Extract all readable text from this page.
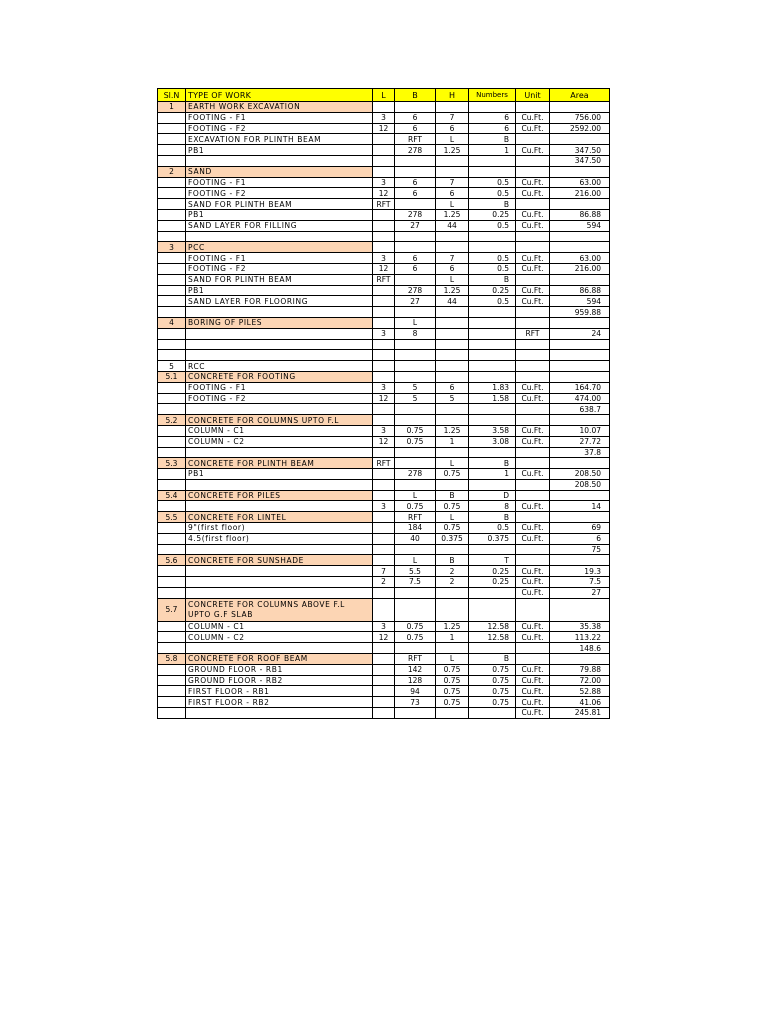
Sl.N	TYPE OF WORK	L	B	H	Numbers	Unit	Area
1	EARTH WORK EXCAVATION						
	FOOTING - F1	3	6	7	6	Cu.Ft.	756.00
	FOOTING - F2	12	6	6	6	Cu.Ft.	2592.00
	EXCAVATION FOR PLINTH BEAM		RFT	L	B		
	PB1		278	1.25	1	Cu.Ft.	347.50
							347.50
2	SAND						
	FOOTING - F1	3	6	7	0.5	Cu.Ft.	63.00
	FOOTING - F2	12	6	6	0.5	Cu.Ft.	216.00
	SAND FOR PLINTH BEAM	RFT		L	B		
	PB1		278	1.25	0.25	Cu.Ft.	86.88
	SAND LAYER FOR FILLING		27	44	0.5	Cu.Ft.	594

3	PCC						
	FOOTING - F1	3	6	7	0.5	Cu.Ft.	63.00
	FOOTING - F2	12	6	6	0.5	Cu.Ft.	216.00
	SAND FOR PLINTH BEAM	RFT		L	B		
	PB1		278	1.25	0.25	Cu.Ft.	86.88
	SAND LAYER FOR FLOORING		27	44	0.5	Cu.Ft.	594
							959.88
4	BORING OF PILES		L				
		3	8			RFT	24

5	RCC						
5.1	CONCRETE FOR FOOTING						
	FOOTING - F1	3	5	6	1.83	Cu.Ft.	164.70
	FOOTING - F2	12	5	5	1.58	Cu.Ft.	474.00
							638.7
5.2	CONCRETE FOR COLUMNS UPTO F.L						
	COLUMN - C1	3	0.75	1.25	3.58	Cu.Ft.	10.07
	COLUMN - C2	12	0.75	1	3.08	Cu.Ft.	27.72
							37.8
5.3	CONCRETE FOR PLINTH BEAM	RFT		L	B		
	PB1		278	0.75	1	Cu.Ft.	208.50
							208.50
5.4	CONCRETE FOR PILES		L	B	D		
		3	0.75	0.75	8	Cu.Ft.	14
5.5	CONCRETE FOR LINTEL		RFT	L	B		
	9"(first floor)		184	0.75	0.5	Cu.Ft.	69
	4.5(first floor)		40	0.375	0.375	Cu.Ft.	6
							75
5.6	CONCRETE FOR SUNSHADE		L	B	T		
		7	5.5	2	0.25	Cu.Ft.	19.3
		2	7.5	2	0.25	Cu.Ft.	7.5
						Cu.Ft.	27
5.7	CONCRETE FOR COLUMNS ABOVE F.L UPTO G.F SLAB						
	COLUMN - C1	3	0.75	1.25	12.58	Cu.Ft.	35.38
	COLUMN - C2	12	0.75	1	12.58	Cu.Ft.	113.22
							148.6
5.8	CONCRETE FOR ROOF BEAM		RFT	L	B		
	GROUND FLOOR - RB1		142	0.75	0.75	Cu.Ft.	79.88
	GROUND FLOOR - RB2		128	0.75	0.75	Cu.Ft.	72.00
	FIRST FLOOR - RB1		94	0.75	0.75	Cu.Ft.	52.88
	FIRST FLOOR - RB2		73	0.75	0.75	Cu.Ft.	41.06
						Cu.Ft.	245.81
